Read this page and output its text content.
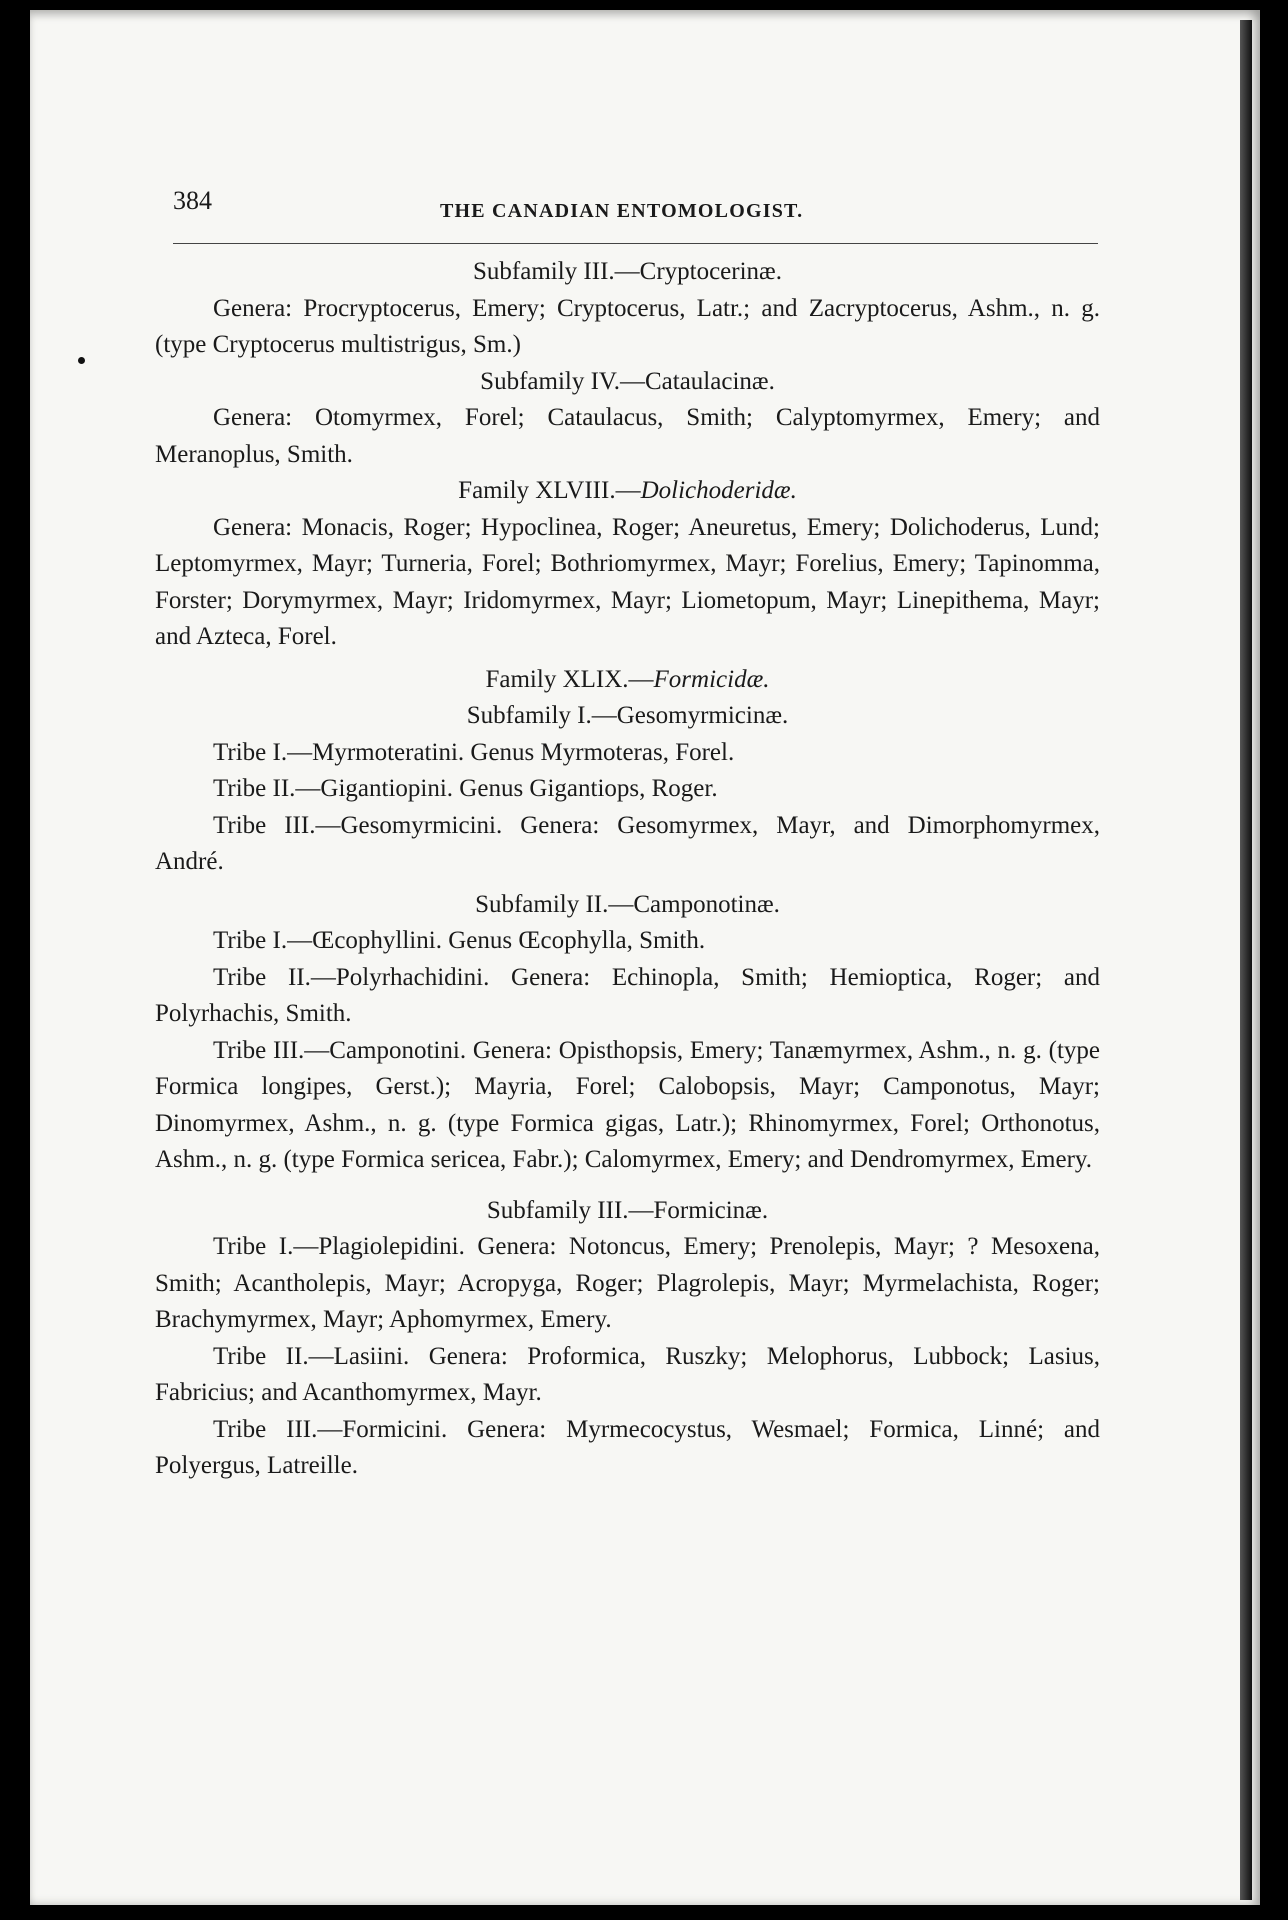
384	THE CANADIAN ENTOMOLOGIST.

Subfamily III.—Cryptocerinæ.

Genera: Procryptocerus, Emery; Cryptocerus, Latr.; and Zacryptocerus, Ashm., n. g. (type Cryptocerus multistrigus, Sm.)

Subfamily IV.—Cataulacinæ.

Genera: Otomyrmex, Forel; Cataulacus, Smith; Calyptomyrmex, Emery; and Meranoplus, Smith.

Family XLVIII.—Dolichoderidæ.

Genera: Monacis, Roger; Hypoclinea, Roger; Aneuretus, Emery; Dolichoderus, Lund; Leptomyrmex, Mayr; Turneria, Forel; Bothriomyrmex, Mayr; Forelius, Emery; Tapinomma, Forster; Dorymyrmex, Mayr; Iridomyrmex, Mayr; Liometopum, Mayr; Linepithema, Mayr; and Azteca, Forel.

Family XLIX.—Formicidæ.

Subfamily I.—Gesomyrmicinæ.

Tribe I.—Myrmoteratini. Genus Myrmoteras, Forel.

Tribe II.—Gigantiopini. Genus Gigantiops, Roger.

Tribe III.—Gesomyrmicini. Genera: Gesomyrmex, Mayr, and Dimorphomyrmex, André.

Subfamily II.—Camponotinæ.

Tribe I.—Œcophyllini. Genus Œcophylla, Smith.

Tribe II.—Polyrhachidini. Genera: Echinopla, Smith; Hemioptica, Roger; and Polyrhachis, Smith.

Tribe III.—Camponotini. Genera: Opisthopsis, Emery; Tanæmyrmex, Ashm., n. g. (type Formica longipes, Gerst.); Mayria, Forel; Calobopsis, Mayr; Camponotus, Mayr; Dinomyrmex, Ashm., n. g. (type Formica gigas, Latr.); Rhinomyrmex, Forel; Orthonotus, Ashm., n. g. (type Formica sericea, Fabr.); Calomyrmex, Emery; and Dendromyrmex, Emery.

Subfamily III.—Formicinæ.

Tribe I.—Plagiolepidini. Genera: Notoncus, Emery; Prenolepis, Mayr; ? Mesoxena, Smith; Acantholepis, Mayr; Acropyga, Roger; Plagrolepis, Mayr; Myrmelachista, Roger; Brachymyrmex, Mayr; Aphomyrmex, Emery.

Tribe II.—Lasiini. Genera: Proformica, Ruszky; Melophorus, Lubbock; Lasius, Fabricius; and Acanthomyrmex, Mayr.

Tribe III.—Formicini. Genera: Myrmecocystus, Wesmael; Formica, Linné; and Polyergus, Latreille.
